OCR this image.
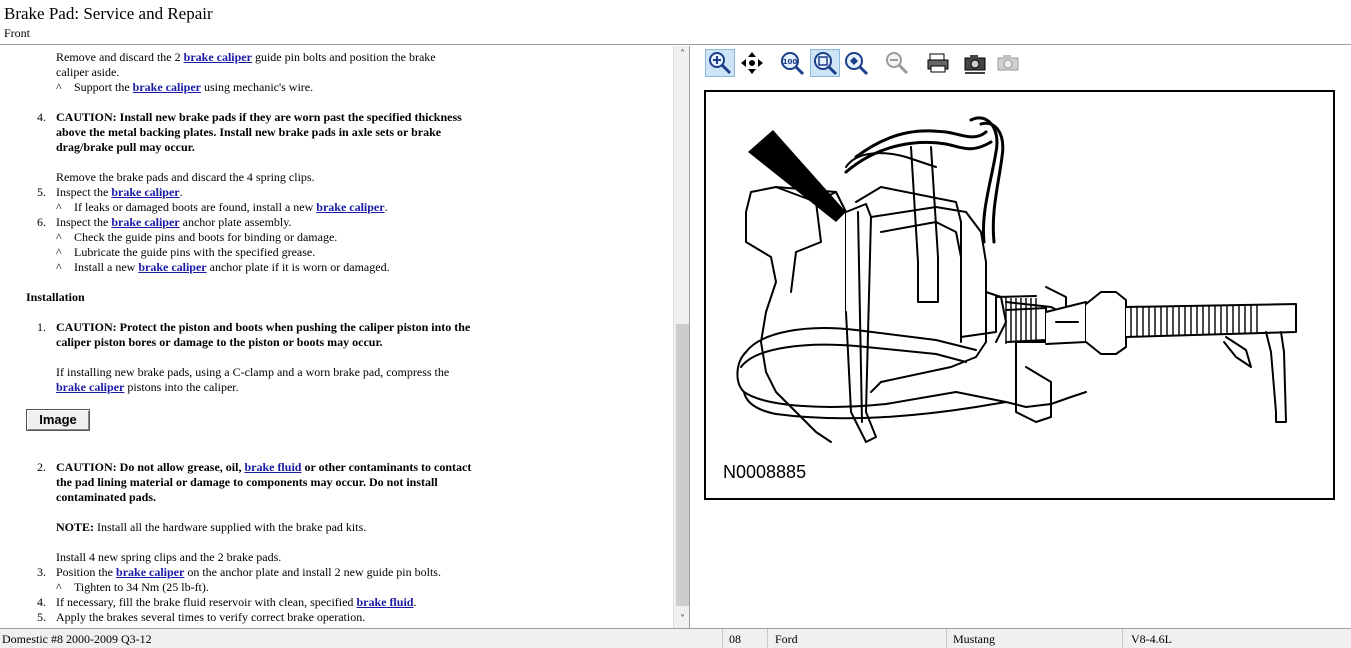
Brake Pad: Service and Repair
Front
Remove and discard the 2 brake caliper guide pin bolts and position the brake
caliper aside.
^ Support the brake caliper using mechanic's wire.
4. CAUTION: Install new brake pads if they are worn past the specified thickness
above the metal backing plates. Install new brake pads in axle sets or brake
drag/brake pull may occur.
Remove the brake pads and discard the 4 spring clips.
5. Inspect the brake caliper.
^ If leaks or damaged boots are found, install a new brake caliper.
6. Inspect the brake caliper anchor plate assembly.
^ Check the guide pins and boots for binding or damage.
^ Lubricate the guide pins with the specified grease.
^ Install a new brake caliper anchor plate if it is worn or damaged.
Installation
1. CAUTION: Protect the piston and boots when pushing the caliper piston into the
caliper piston bores or damage to the piston or boots may occur.
If installing new brake pads, using a C-clamp and a worn brake pad, compress the
brake caliper pistons into the caliper.
Image
2. CAUTION: Do not allow grease, oil, brake fluid or other contaminants to contact
the pad lining material or damage to components may occur. Do not install
contaminated pads.
NOTE: Install all the hardware supplied with the brake pad kits.
Install 4 new spring clips and the 2 brake pads.
3. Position the brake caliper on the anchor plate and install 2 new guide pin bolts.
^ Tighten to 34 Nm (25 lb-ft).
4. If necessary, fill the brake fluid reservoir with clean, specified brake fluid.
5. Apply the brakes several times to verify correct brake operation.
˄
˅
100
N0008885
Domestic #8 2000-2009 Q3-12	08	Ford	Mustang	V8-4.6L
